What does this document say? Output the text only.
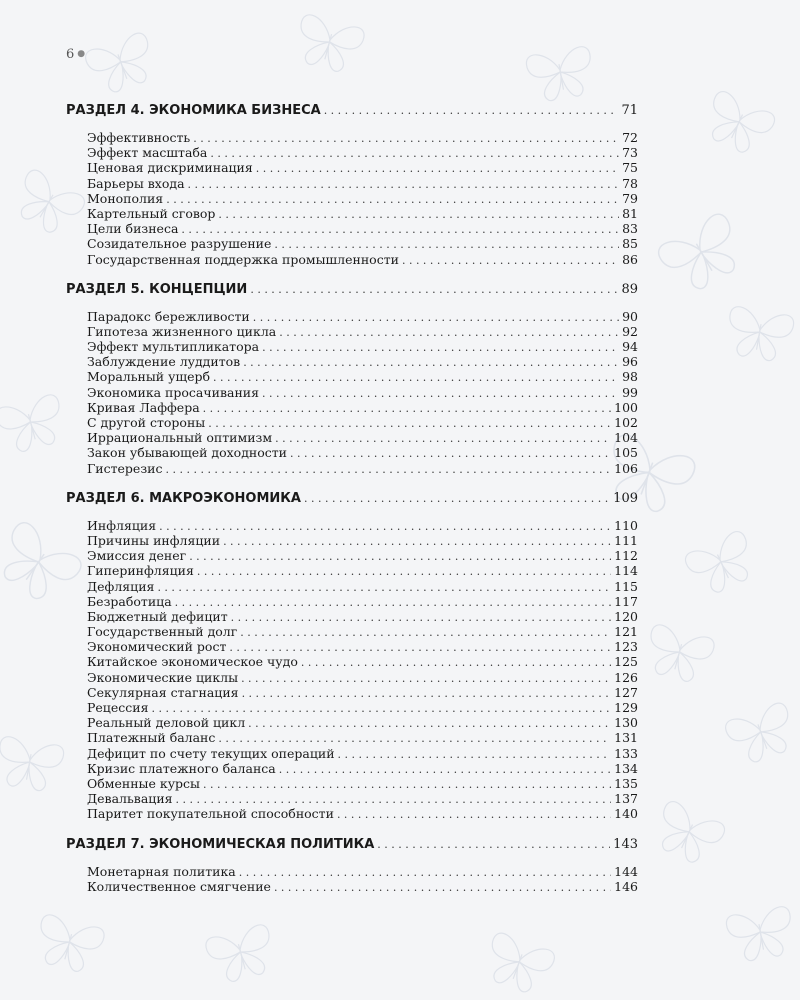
6 ●
РАЗДЕЛ 4. ЭКОНОМИКА БИЗНЕСА . . .	71
Эффективность . . .	72
Эффект масштаба . . .	73
Ценовая дискриминация . . .	75
Барьеры входа . . .	78
Монополия . . .	79
Картельный сговор . . .	81
Цели бизнеса . . .	83
Созидательное разрушение . . .	85
Государственная поддержка промышленности . . .	86
РАЗДЕЛ 5. КОНЦЕПЦИИ . . .	89
Парадокс бережливости . . .	90
Гипотеза жизненного цикла . . .	92
Эффект мультипликатора . . .	94
Заблуждение луддитов . . .	96
Моральный ущерб . . .	98
Экономика просачивания . . .	99
Кривая Лаффера . . .	100
С другой стороны . . .	102
Иррациональный оптимизм . . .	104
Закон убывающей доходности . . .	105
Гистерезис . . .	106
РАЗДЕЛ 6. МАКРОЭКОНОМИКА . . .	109
Инфляция . . .	110
Причины инфляции . . .	111
Эмиссия денег . . .	112
Гиперинфляция . . .	114
Дефляция . . .	115
Безработица . . .	117
Бюджетный дефицит . . .	120
Государственный долг . . .	121
Экономический рост . . .	123
Китайское экономическое чудо . . .	125
Экономические циклы . . .	126
Секулярная стагнация . . .	127
Рецессия . . .	129
Реальный деловой цикл . . .	130
Платежный баланс . . .	131
Дефицит по счету текущих операций . . .	133
Кризис платежного баланса . . .	134
Обменные курсы . . .	135
Девальвация . . .	137
Паритет покупательной способности . . .	140
РАЗДЕЛ 7. ЭКОНОМИЧЕСКАЯ ПОЛИТИКА . . .	143
Монетарная политика . . .	144
Количественное смягчение . . .	146
